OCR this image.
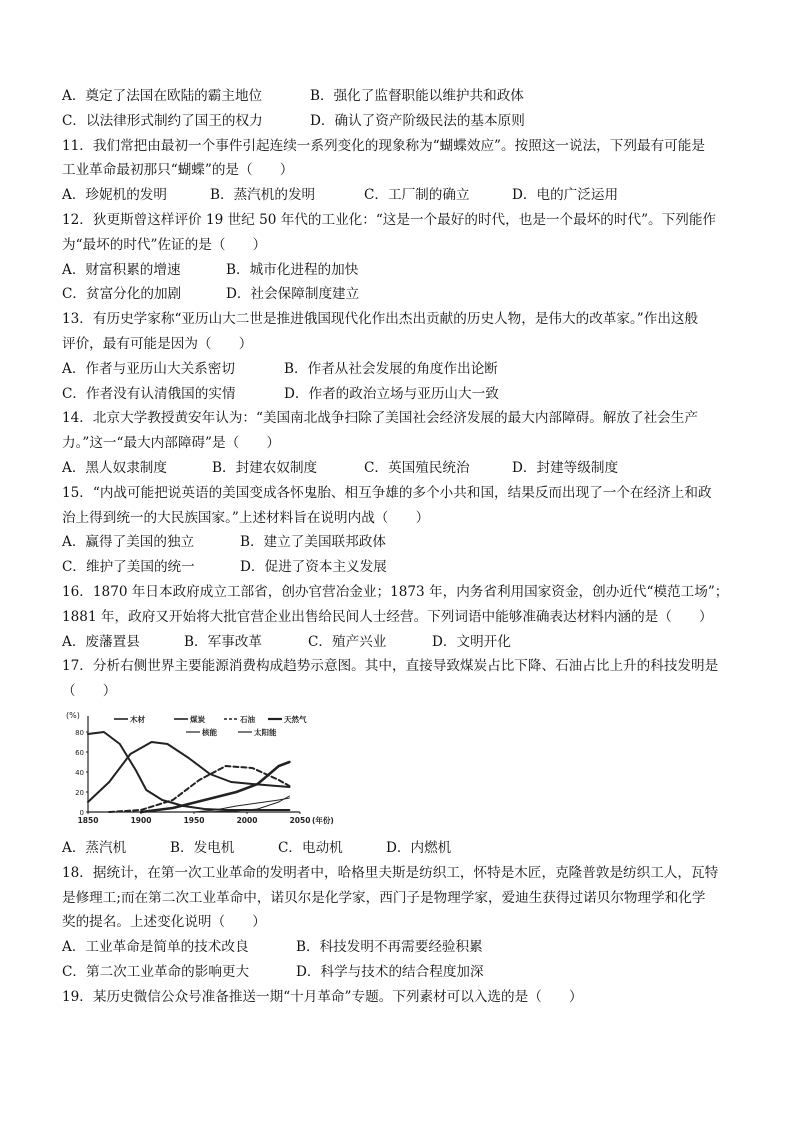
A．奠定了法国在欧陆的霸主地位	B．强化了监督职能以维护共和政体
C．以法律形式制约了国王的权力	D．确认了资产阶级民法的基本原则
11．我们常把由最初一个事件引起连续一系列变化的现象称为“蝴蝶效应”。按照这一说法，下列最有可能是
工业革命最初那只“蝴蝶”的是（　　）
A．珍妮机的发明	B．蒸汽机的发明	C．工厂制的确立	D．电的广泛运用
12．狄更斯曾这样评价 19 世纪 50 年代的工业化：“这是一个最好的时代，也是一个最坏的时代”。下列能作
为“最坏的时代”佐证的是（　　）
A．财富积累的增速	B．城市化进程的加快
C．贫富分化的加剧	D．社会保障制度建立
13．有历史学家称“亚历山大二世是推进俄国现代化作出杰出贡献的历史人物，是伟大的改革家。”作出这般
评价，最有可能是因为（　　）
A．作者与亚历山大关系密切	B．作者从社会发展的角度作出论断
C．作者没有认清俄国的实情	D．作者的政治立场与亚历山大一致
14．北京大学教授黄安年认为：“美国南北战争扫除了美国社会经济发展的最大内部障碍。解放了社会生产
力。”这一“最大内部障碍”是（　　）
A．黑人奴隶制度	B．封建农奴制度	C．英国殖民统治	D．封建等级制度
15．“内战可能把说英语的美国变成各怀鬼胎、相互争雄的多个小共和国，结果反而出现了一个在经济上和政
治上得到统一的大民族国家。”上述材料旨在说明内战（　　）
A．赢得了美国的独立	B．建立了美国联邦政体
C．维护了美国的统一	D．促进了资本主义发展
16．1870 年日本政府成立工部省，创办官营冶金业；1873 年，内务省利用国家资金，创办近代“模范工场”；
1881 年，政府又开始将大批官营企业出售给民间人士经营。下列词语中能够准确表达材料内涵的是（　　）
A．废藩置县	B．军事改革	C．殖产兴业	D．文明开化
17．分析右侧世界主要能源消费构成趋势示意图。其中，直接导致煤炭占比下降、石油占比上升的科技发明是
（　　）
(%)
0
20
40
60
80
1850	1900	1950	2000	2050 (年份)
木材	煤炭	石油	天然气
核能	太阳能
A．蒸汽机	B．发电机	C．电动机	D．内燃机
18．据统计，在第一次工业革命的发明者中，哈格里夫斯是纺织工，怀特是木匠，克隆普敦是纺织工人，瓦特
是修理工;而在第二次工业革命中，诺贝尔是化学家，西门子是物理学家，爱迪生获得过诺贝尔物理学和化学
奖的提名。上述变化说明（　　）
A．工业革命是简单的技术改良	B．科技发明不再需要经验积累
C．第二次工业革命的影响更大	D．科学与技术的结合程度加深
19．某历史微信公众号准备推送一期“十月革命”专题。下列素材可以入选的是（　　）
